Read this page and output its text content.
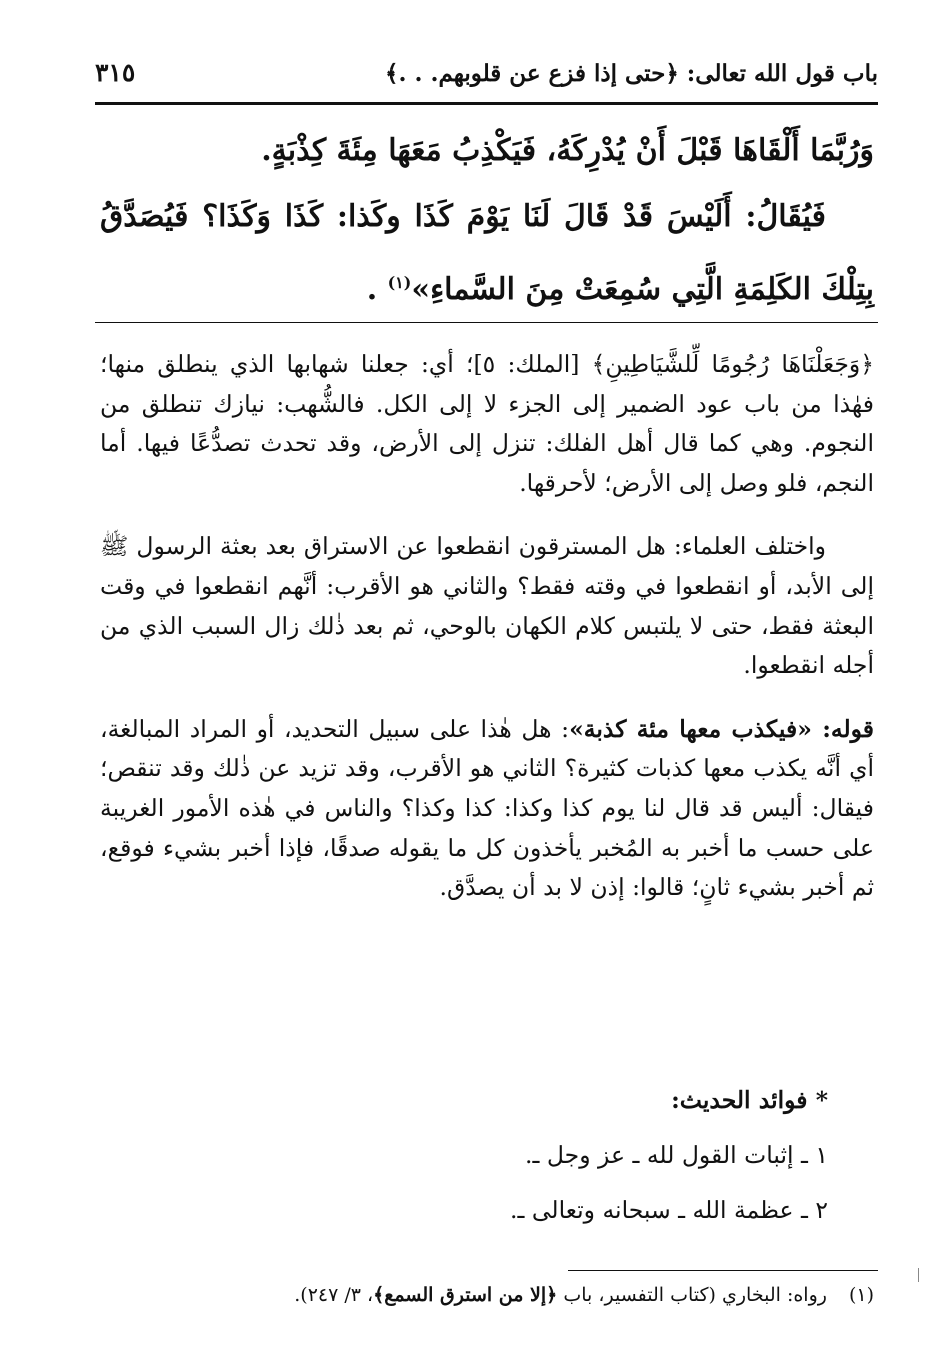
باب قول الله تعالى: ﴿حتى إذا فزع عن قلوبهم. . .﴾
٣١٥

وَرُبَّمَا أَلْقَاهَا قَبْلَ أَنْ يُدْرِكَهُ، فَيَكْذِبُ مَعَهَا مِئَةَ كِذْبَةٍ.

فَيُقَالُ: أَلَيْسَ قَدْ قَالَ لَنَا يَوْمَ كَذَا وكَذا: كَذَا وَكَذَا؟ فَيُصَدَّقُ بِتِلْكَ الكَلِمَةِ الَّتِي سُمِعَتْ مِنَ السَّماءِ»$^{(١)}$ .

﴿وَجَعَلْنَاهَا رُجُومًا لِّلشَّيَاطِينِ﴾ [الملك: ٥]؛ أي: جعلنا شهابها الذي ينطلق منها؛ فهٰذا من باب عود الضمير إلى الجزء لا إلى الكل. فالشُّهب: نيازك تنطلق من النجوم. وهي كما قال أهل الفلك: تنزل إلى الأرض، وقد تحدث تصدُّعًا فيها. أما النجم، فلو وصل إلى الأرض؛ لأحرقها.

واختلف العلماء: هل المسترقون انقطعوا عن الاستراق بعد بعثة الرسول ﷺ إلى الأبد، أو انقطعوا في وقته فقط؟ والثاني هو الأقرب: أنَّهم انقطعوا في وقت البعثة فقط، حتى لا يلتبس كلام الكهان بالوحي، ثم بعد ذٰلك زال السبب الذي من أجله انقطعوا.

قوله: «فيكذب معها مئة كذبة»: هل هٰذا على سبيل التحديد، أو المراد المبالغة، أي أنَّه يكذب معها كذبات كثيرة؟ الثاني هو الأقرب، وقد تزيد عن ذٰلك وقد تنقص؛ فيقال: أليس قد قال لنا يوم كذا وكذا: كذا وكذا؟ والناس في هٰذه الأمور الغريبة على حسب ما أخبر به المُخبر يأخذون كل ما يقوله صدقًا، فإذا أخبر بشيء فوقع، ثم أخبر بشيء ثانٍ؛ قالوا: إذن لا بد أن يصدَّق.

* فوائد الحديث:
١ ـ إثبات القول لله ـ عز وجل ـ.
٢ ـ عظمة الله ـ سبحانه وتعالى ـ.
(١)رواه: البخاري (كتاب التفسير، باب ﴿إلا من استرق السمع﴾، ٣/ ٢٤٧).
